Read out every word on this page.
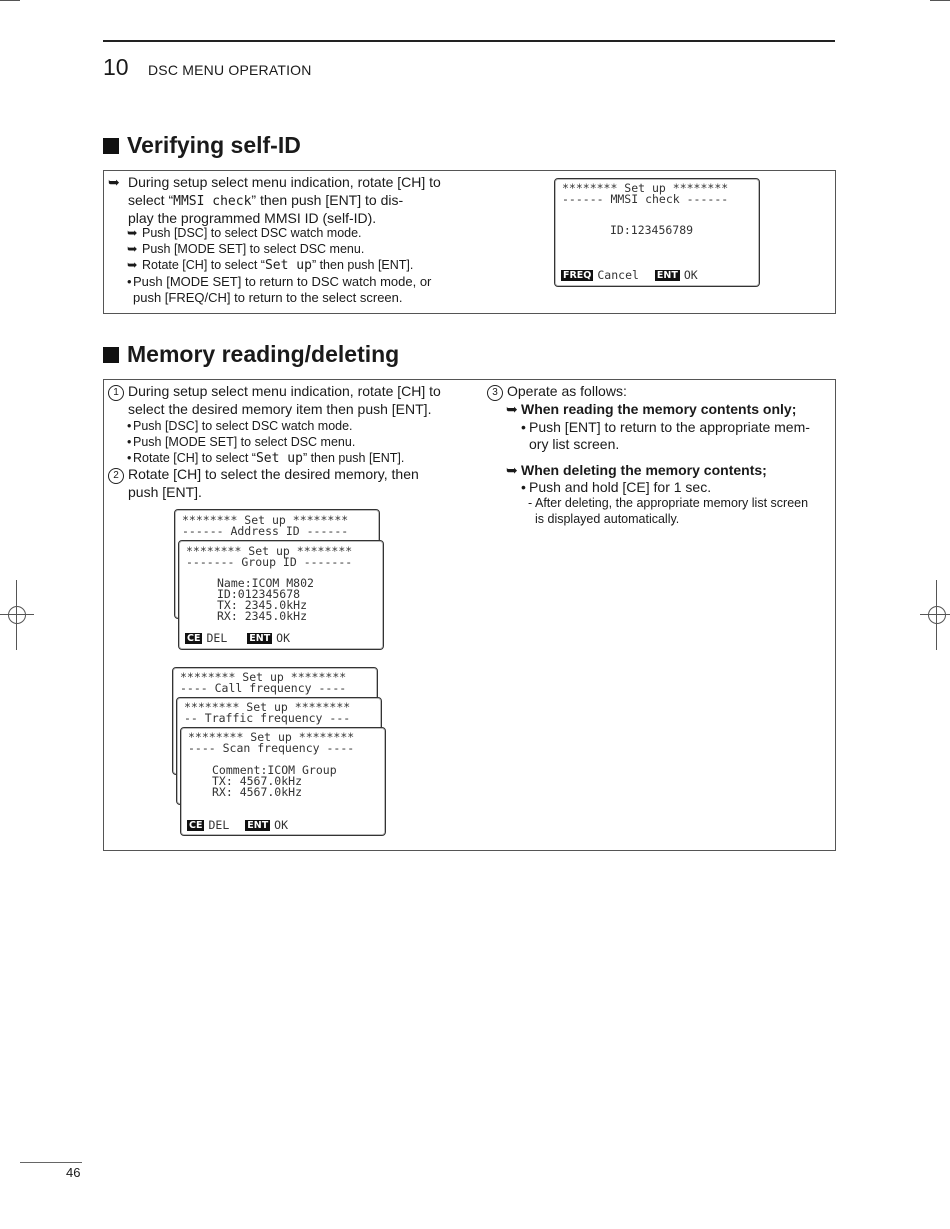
10 DSC MENU OPERATION
Verifying self-ID
➥ During setup select menu indication, rotate [CH] to
select “MMSI check” then push [ENT] to dis-
play the programmed MMSI ID (self-ID).
➥ Push [DSC] to select DSC watch mode.
➥ Push [MODE SET] to select DSC menu.
➥ Rotate [CH] to select “Set up” then push [ENT].
•Push [MODE SET] to return to DSC watch mode, or
push [FREQ/CH] to return to the select screen.

******** Set up ********

------ MMSI check ------

ID:123456789

FREQ Cancel ENT OK

Memory reading/deleting
1 During setup select menu indication, rotate [CH] to
select the desired memory item then push [ENT].
• Push [DSC] to select DSC watch mode.
• Push [MODE SET] to select DSC menu.
• Rotate [CH] to select “Set up” then push [ENT].
2 Rotate [CH] to select the desired memory, then
push [ENT].

******** Set up ********

------ Address ID ------

******** Set up ********

------- Group ID -------

Name:ICOM M802

ID:012345678

TX: 2345.0kHz

RX: 2345.0kHz

CE DEL ENT OK

******** Set up ********

---- Call frequency ----

******** Set up ********

-- Traffic frequency ---

******** Set up ********

---- Scan frequency ----

Comment:ICOM Group

TX: 4567.0kHz

RX: 4567.0kHz

CE DEL ENT OK

3 Operate as follows:
➥ When reading the memory contents only;
• Push [ENT] to return to the appropriate mem-
ory list screen.
➥ When deleting the memory contents;
• Push and hold [CE] for 1 sec.
- After deleting, the appropriate memory list screen
is displayed automatically.
46
